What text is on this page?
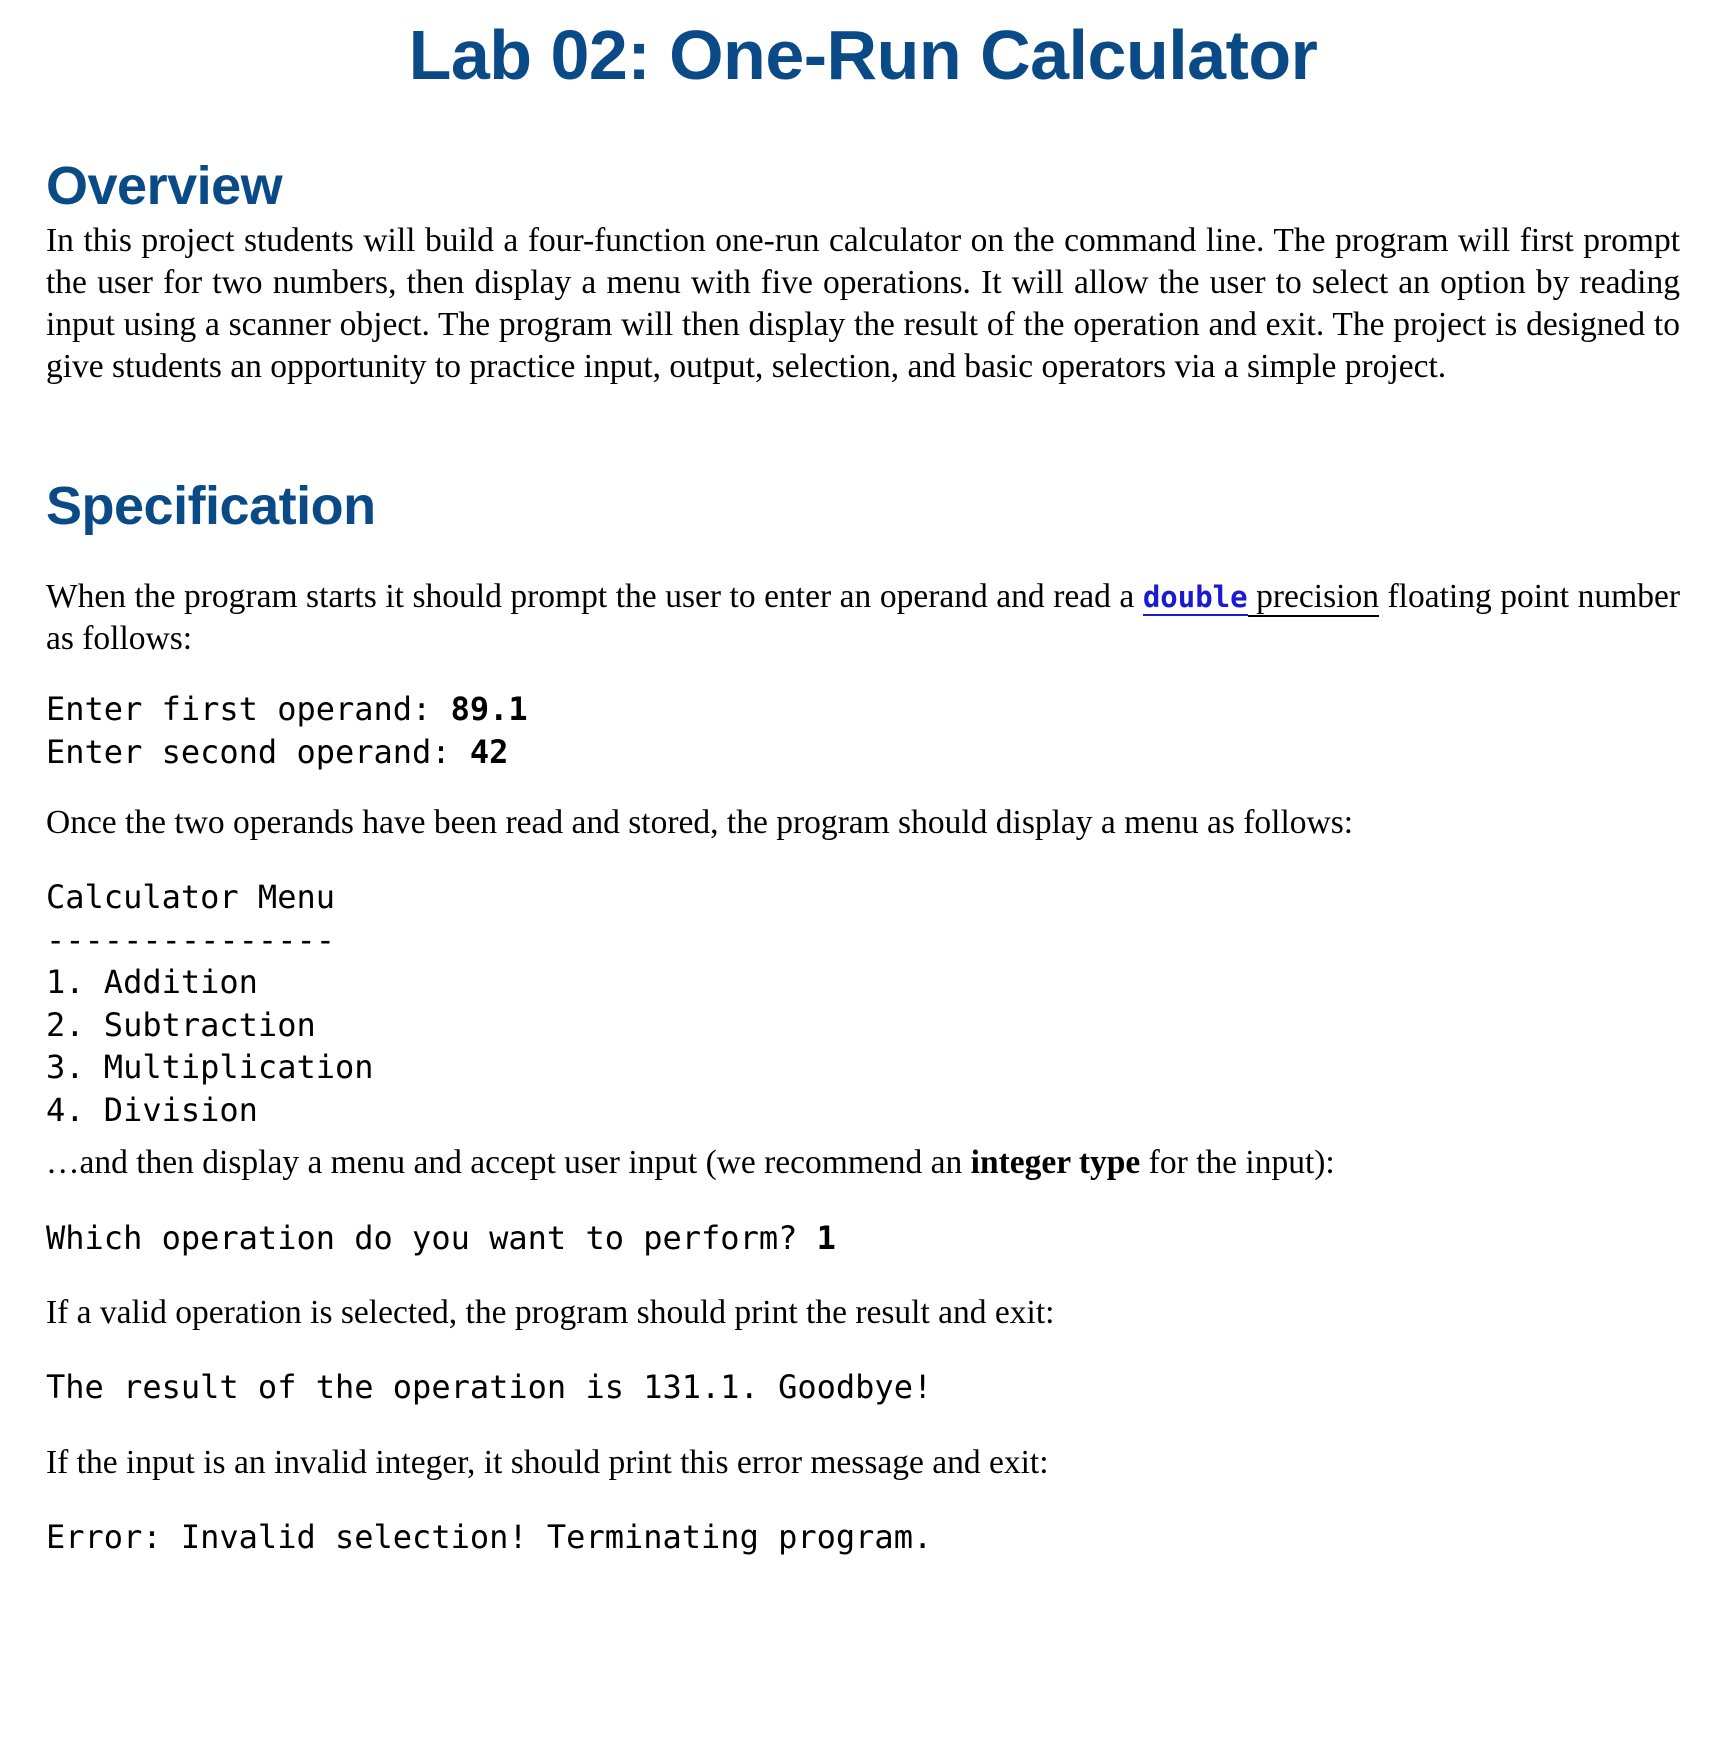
Lab 02: One-Run Calculator
Overview

In this project students will build a four-function one-run calculator on the command line. The program will first prompt the user for two numbers, then display a menu with five operations. It will allow the user to select an option by reading input using a scanner object. The program will then display the result of the operation and exit. The project is designed to give students an opportunity to practice input, output, selection, and basic operators via a simple project.

Specification

When the program starts it should prompt the user to enter an operand and read a double precision floating point number as follows:

Enter first operand: 89.1
Enter second operand: 42

Once the two operands have been read and stored, the program should display a menu as follows:

Calculator Menu
---------------
1. Addition
2. Subtraction
3. Multiplication
4. Division

…and then display a menu and accept user input (we recommend an integer type for the input):

Which operation do you want to perform? 1

If a valid operation is selected, the program should print the result and exit:

The result of the operation is 131.1. Goodbye!

If the input is an invalid integer, it should print this error message and exit:

Error: Invalid selection! Terminating program.
